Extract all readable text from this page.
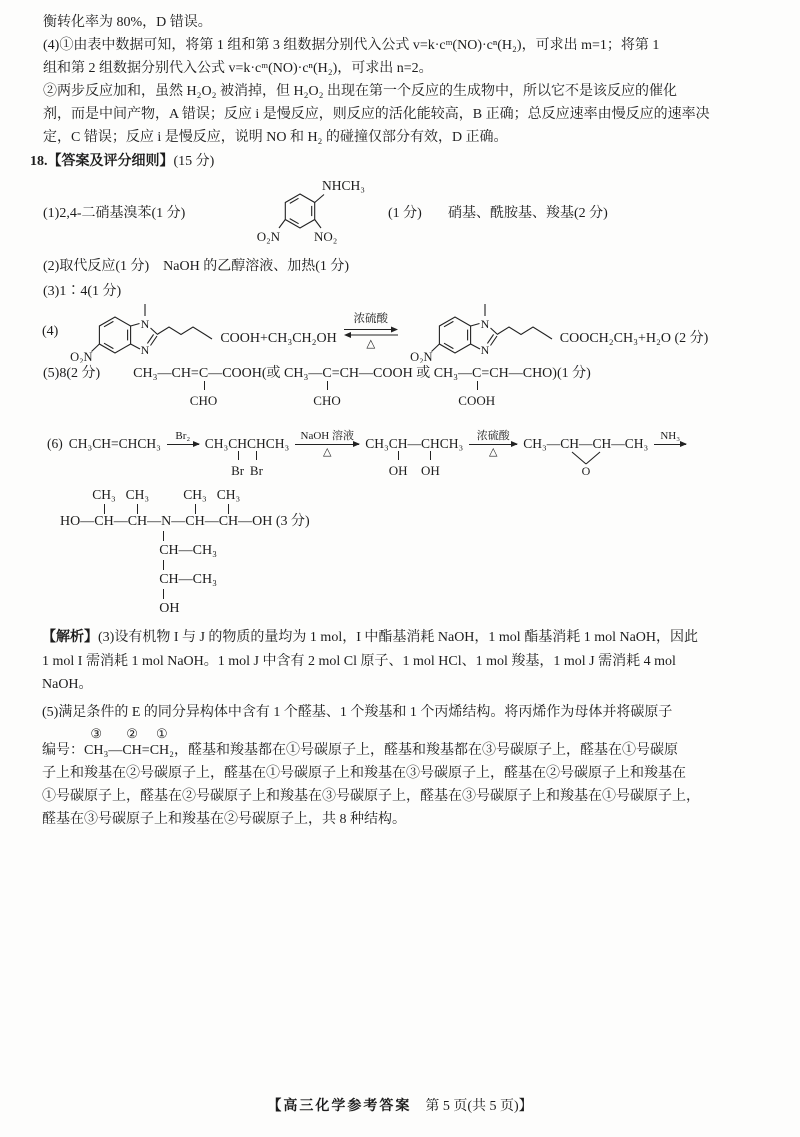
衡转化率为 80%，D 错误。
(4)①由表中数据可知，将第 1 组和第 3 组数据分别代入公式 v=k·cᵐ(NO)·cⁿ(H₂)，可求出 m=1；将第 1
组和第 2 组数据分别代入公式 v=k·cᵐ(NO)·cⁿ(H₂)，可求出 n=2。
②两步反应加和，虽然 H₂O₂ 被消掉，但 H₂O₂ 出现在第一个反应的生成物中，所以它不是该反应的催化
剂，而是中间产物，A 错误；反应 i 是慢反应，则反应的活化能较高，B 正确；总反应速率由慢反应的速率决
定，C 错误；反应 i 是慢反应，说明 NO 和 H₂ 的碰撞仅部分有效，D 正确。
18.【答案及评分细则】(15 分)
(1)2,4-二硝基溴苯(1 分)
NHCH₃
NO₂
O₂N
(1 分) 硝基、酰胺基、羧基(2 分)
(2)取代反应(1 分)　NaOH 的乙醇溶液、加热(1 分)
(3)1∶4(1 分)
(4)	N
N
O₂N
COOH+CH₃CH₂OH
浓硫酸
△
N
N
O₂N
COOCH₂CH₃+H₂O (2 分)
(5)8(2 分) CH₃—CH=C
CHO
—COOH(或 CH₃—C
CHO
=CH—COOH 或 CH₃—C
COOH
=CH—CHO)(1 分)
(6) CH₃CH=CHCH₃
Br₂
CH₃CH
Br
CH
Br
CH₃
NaOH 溶液
△
CH₃CH
OH
—CH
OH
CH₃
浓硫酸
△
CH₃—CH—CH
O
—CH₃
NH₃
HO—
CH₃
CH—
CH₃
CH—N
CH—CH₃
CH—CH₃
OH
—
CH₃
CH—
CH₃
CH—OH (3 分)
【解析】(3)设有机物 I 与 J 的物质的量均为 1 mol，I 中酯基消耗 NaOH，1 mol 酯基消耗 1 mol NaOH，因此
1 mol I 需消耗 1 mol NaOH。1 mol J 中含有 2 mol Cl 原子、1 mol HCl、1 mol 羧基，1 mol J 需消耗 4 mol
NaOH。
(5)满足条件的 E 的同分异构体中含有 1 个醛基、1 个羧基和 1 个丙烯结构。将丙烯作为母体并将碳原子
编号：
③
CH₃—
②
CH=
①
CH₂，醛基和羧基都在①号碳原子上，醛基和羧基都在③号碳原子上，醛基在①号碳原
子上和羧基在②号碳原子上，醛基在①号碳原子上和羧基在③号碳原子上，醛基在②号碳原子上和羧基在
①号碳原子上，醛基在②号碳原子上和羧基在③号碳原子上，醛基在③号碳原子上和羧基在①号碳原子上，
醛基在③号碳原子上和羧基在②号碳原子上，共 8 种结构。
【高三化学参考答案　第 5 页(共 5 页)】
